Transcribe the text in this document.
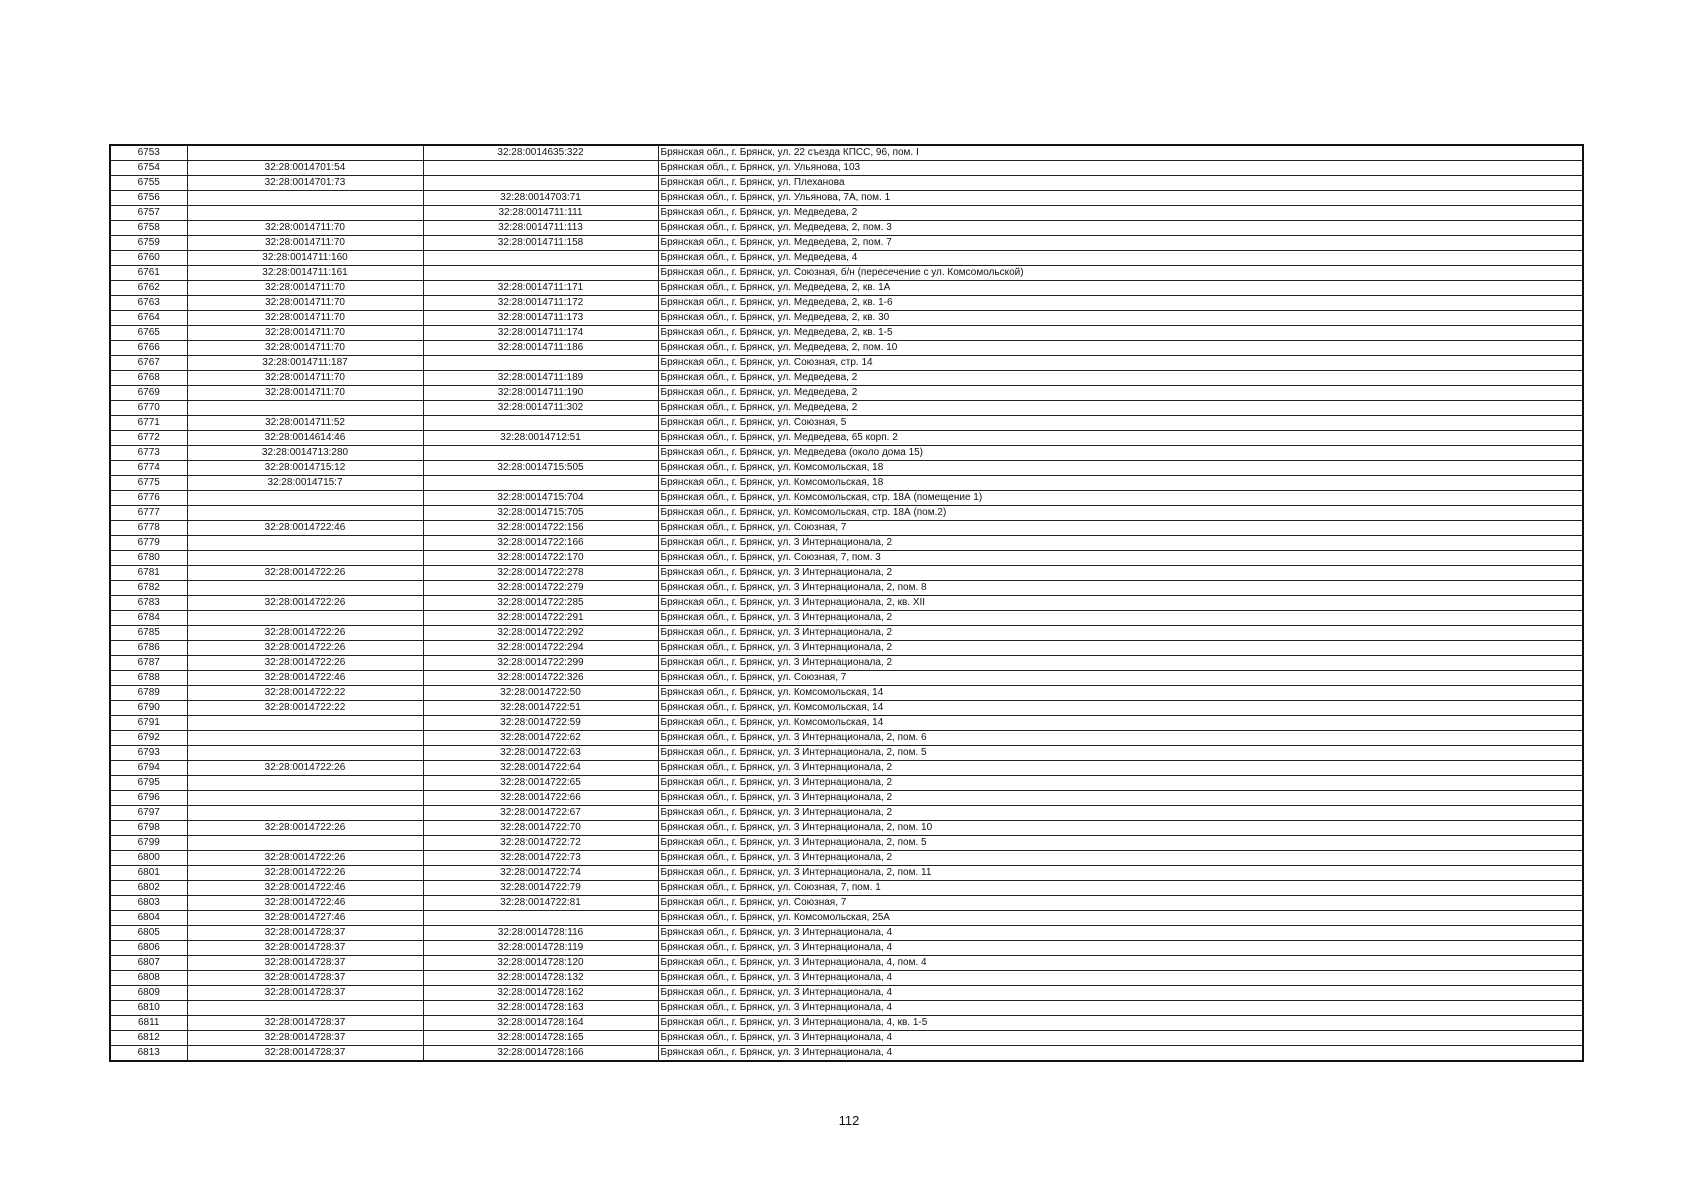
6753		32:28:0014635:322	Брянская обл., г. Брянск, ул. 22 съезда КПСС, 96, пом. I
6754	32:28:0014701:54		Брянская обл., г. Брянск, ул. Ульянова, 103
6755	32:28:0014701:73		Брянская обл., г. Брянск, ул. Плеханова
6756		32:28:0014703:71	Брянская обл., г. Брянск, ул. Ульянова, 7А, пом. 1
6757		32:28:0014711:111	Брянская обл., г. Брянск, ул. Медведева, 2
6758	32:28:0014711:70	32:28:0014711:113	Брянская обл., г. Брянск, ул. Медведева, 2, пом. 3
6759	32:28:0014711:70	32:28:0014711:158	Брянская обл., г. Брянск, ул. Медведева, 2, пом. 7
6760	32:28:0014711:160		Брянская обл., г. Брянск, ул. Медведева, 4
6761	32:28:0014711:161		Брянская обл., г. Брянск, ул. Союзная, б/н (пересечение с ул. Комсомольской)
6762	32:28:0014711:70	32:28:0014711:171	Брянская обл., г. Брянск, ул. Медведева, 2, кв. 1А
6763	32:28:0014711:70	32:28:0014711:172	Брянская обл., г. Брянск, ул. Медведева, 2, кв. 1-6
6764	32:28:0014711:70	32:28:0014711:173	Брянская обл., г. Брянск, ул. Медведева, 2, кв. 30
6765	32:28:0014711:70	32:28:0014711:174	Брянская обл., г. Брянск, ул. Медведева, 2, кв. 1-5
6766	32:28:0014711:70	32:28:0014711:186	Брянская обл., г. Брянск, ул. Медведева, 2, пом. 10
6767	32:28:0014711:187		Брянская обл., г. Брянск, ул. Союзная, стр. 14
6768	32:28:0014711:70	32:28:0014711:189	Брянская обл., г. Брянск, ул. Медведева, 2
6769	32:28:0014711:70	32:28:0014711:190	Брянская обл., г. Брянск, ул. Медведева, 2
6770		32:28:0014711:302	Брянская обл., г. Брянск, ул. Медведева, 2
6771	32:28:0014711:52		Брянская обл., г. Брянск, ул. Союзная, 5
6772	32:28:0014614:46	32:28:0014712:51	Брянская обл., г. Брянск, ул. Медведева, 65 корп. 2
6773	32:28:0014713:280		Брянская обл., г. Брянск, ул. Медведева (около дома 15)
6774	32:28:0014715:12	32:28:0014715:505	Брянская обл., г. Брянск, ул. Комсомольская, 18
6775	32:28:0014715:7		Брянская обл., г. Брянск, ул. Комсомольская, 18
6776		32:28:0014715:704	Брянская обл., г. Брянск, ул. Комсомольская, стр. 18А (помещение 1)
6777		32:28:0014715:705	Брянская обл., г. Брянск, ул. Комсомольская, стр. 18А (пом.2)
6778	32:28:0014722:46	32:28:0014722:156	Брянская обл., г. Брянск, ул. Союзная, 7
6779		32:28:0014722:166	Брянская обл., г. Брянск, ул. 3 Интернационала, 2
6780		32:28:0014722:170	Брянская обл., г. Брянск, ул. Союзная, 7, пом. 3
6781	32:28:0014722:26	32:28:0014722:278	Брянская обл., г. Брянск, ул. 3 Интернационала, 2
6782		32:28:0014722:279	Брянская обл., г. Брянск, ул. 3 Интернационала, 2, пом. 8
6783	32:28:0014722:26	32:28:0014722:285	Брянская обл., г. Брянск, ул. 3 Интернационала, 2, кв. XII
6784		32:28:0014722:291	Брянская обл., г. Брянск, ул. 3 Интернационала, 2
6785	32:28:0014722:26	32:28:0014722:292	Брянская обл., г. Брянск, ул. 3 Интернационала, 2
6786	32:28:0014722:26	32:28:0014722:294	Брянская обл., г. Брянск, ул. 3 Интернационала, 2
6787	32:28:0014722:26	32:28:0014722:299	Брянская обл., г. Брянск, ул. 3 Интернационала, 2
6788	32:28:0014722:46	32:28:0014722:326	Брянская обл., г. Брянск, ул. Союзная, 7
6789	32:28:0014722:22	32:28:0014722:50	Брянская обл., г. Брянск, ул. Комсомольская, 14
6790	32:28:0014722:22	32:28:0014722:51	Брянская обл., г. Брянск, ул. Комсомольская, 14
6791		32:28:0014722:59	Брянская обл., г. Брянск, ул. Комсомольская, 14
6792		32:28:0014722:62	Брянская обл., г. Брянск, ул. 3 Интернационала, 2, пом. 6
6793		32:28:0014722:63	Брянская обл., г. Брянск, ул. 3 Интернационала, 2, пом. 5
6794	32:28:0014722:26	32:28:0014722:64	Брянская обл., г. Брянск, ул. 3 Интернационала, 2
6795		32:28:0014722:65	Брянская обл., г. Брянск, ул. 3 Интернационала, 2
6796		32:28:0014722:66	Брянская обл., г. Брянск, ул. 3 Интернационала, 2
6797		32:28:0014722:67	Брянская обл., г. Брянск, ул. 3 Интернационала, 2
6798	32:28:0014722:26	32:28:0014722:70	Брянская обл., г. Брянск, ул. 3 Интернационала, 2, пом. 10
6799		32:28:0014722:72	Брянская обл., г. Брянск, ул. 3 Интернационала, 2, пом. 5
6800	32:28:0014722:26	32:28:0014722:73	Брянская обл., г. Брянск, ул. 3 Интернационала, 2
6801	32:28:0014722:26	32:28:0014722:74	Брянская обл., г. Брянск, ул. 3 Интернационала, 2, пом. 11
6802	32:28:0014722:46	32:28:0014722:79	Брянская обл., г. Брянск, ул. Союзная, 7, пом. 1
6803	32:28:0014722:46	32:28:0014722:81	Брянская обл., г. Брянск, ул. Союзная, 7
6804	32:28:0014727:46		Брянская обл., г. Брянск, ул. Комсомольская, 25А
6805	32:28:0014728:37	32:28:0014728:116	Брянская обл., г. Брянск, ул. 3 Интернационала, 4
6806	32:28:0014728:37	32:28:0014728:119	Брянская обл., г. Брянск, ул. 3 Интернационала, 4
6807	32:28:0014728:37	32:28:0014728:120	Брянская обл., г. Брянск, ул. 3 Интернационала, 4, пом. 4
6808	32:28:0014728:37	32:28:0014728:132	Брянская обл., г. Брянск, ул. 3 Интернационала, 4
6809	32:28:0014728:37	32:28:0014728:162	Брянская обл., г. Брянск, ул. 3 Интернационала, 4
6810		32:28:0014728:163	Брянская обл., г. Брянск, ул. 3 Интернационала, 4
6811	32:28:0014728:37	32:28:0014728:164	Брянская обл., г. Брянск, ул. 3 Интернационала, 4, кв. 1-5
6812	32:28:0014728:37	32:28:0014728:165	Брянская обл., г. Брянск, ул. 3 Интернационала, 4
6813	32:28:0014728:37	32:28:0014728:166	Брянская обл., г. Брянск, ул. 3 Интернационала, 4
112
